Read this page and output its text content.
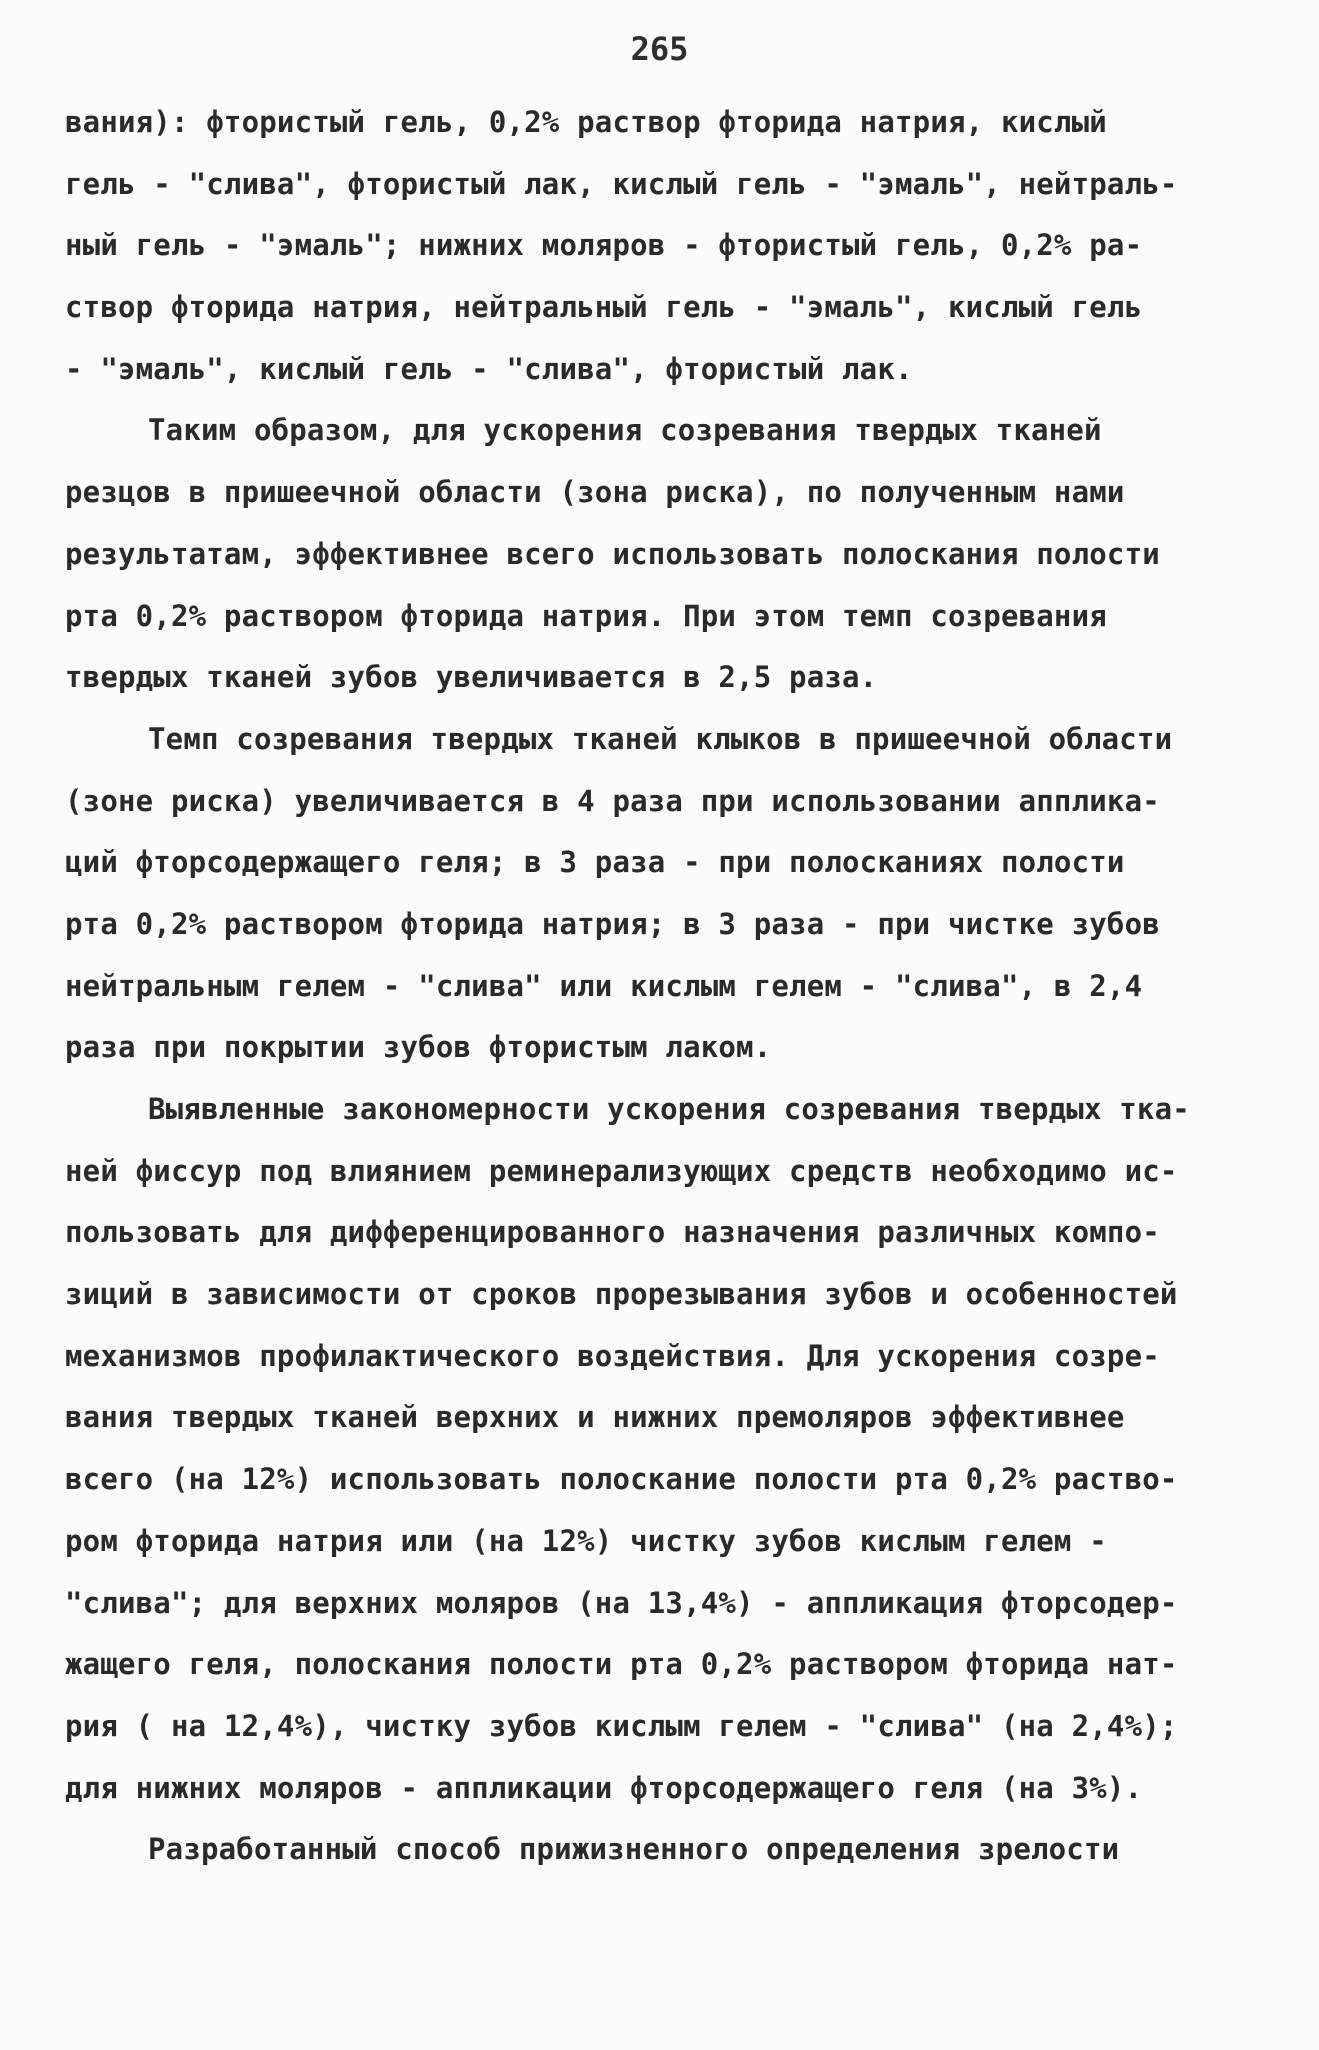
265
вания): фтористый гель, 0,2% раствор фторида натрия, кислый
гель - "слива", фтористый лак, кислый гель - "эмаль", нейтраль-
ный гель - "эмаль"; нижних моляров - фтористый гель, 0,2% ра-
створ фторида натрия, нейтральный гель - "эмаль", кислый гель
- "эмаль", кислый гель - "слива", фтористый лак.
Таким образом, для ускорения созревания твердых тканей
резцов в пришеечной области (зона риска), по полученным нами
результатам, эффективнее всего использовать полоскания полости
рта 0,2% раствором фторида натрия. При этом темп созревания
твердых тканей зубов увеличивается в 2,5 раза.
Темп созревания твердых тканей клыков в пришеечной области
(зоне риска) увеличивается в 4 раза при использовании апплика-
ций фторсодержащего геля; в 3 раза - при полосканиях полости
рта 0,2% раствором фторида натрия; в 3 раза - при чистке зубов
нейтральным гелем - "слива" или кислым гелем - "слива", в 2,4
раза при покрытии зубов фтористым лаком.
Выявленные закономерности ускорения созревания твердых тка-
ней фиссур под влиянием реминерализующих средств необходимо ис-
пользовать для дифференцированного назначения различных компо-
зиций в зависимости от сроков прорезывания зубов и особенностей
механизмов профилактического воздействия. Для ускорения созре-
вания твердых тканей верхних и нижних премоляров эффективнее
всего (на 12%) использовать полоскание полости рта 0,2% раство-
ром фторида натрия или (на 12%) чистку зубов кислым гелем -
"слива"; для верхних моляров (на 13,4%) - аппликация фторсодер-
жащего геля, полоскания полости рта 0,2% раствором фторида нат-
рия ( на 12,4%), чистку зубов кислым гелем - "слива" (на 2,4%);
для нижних моляров - аппликации фторсодержащего геля (на 3%).
Разработанный способ прижизненного определения зрелости
